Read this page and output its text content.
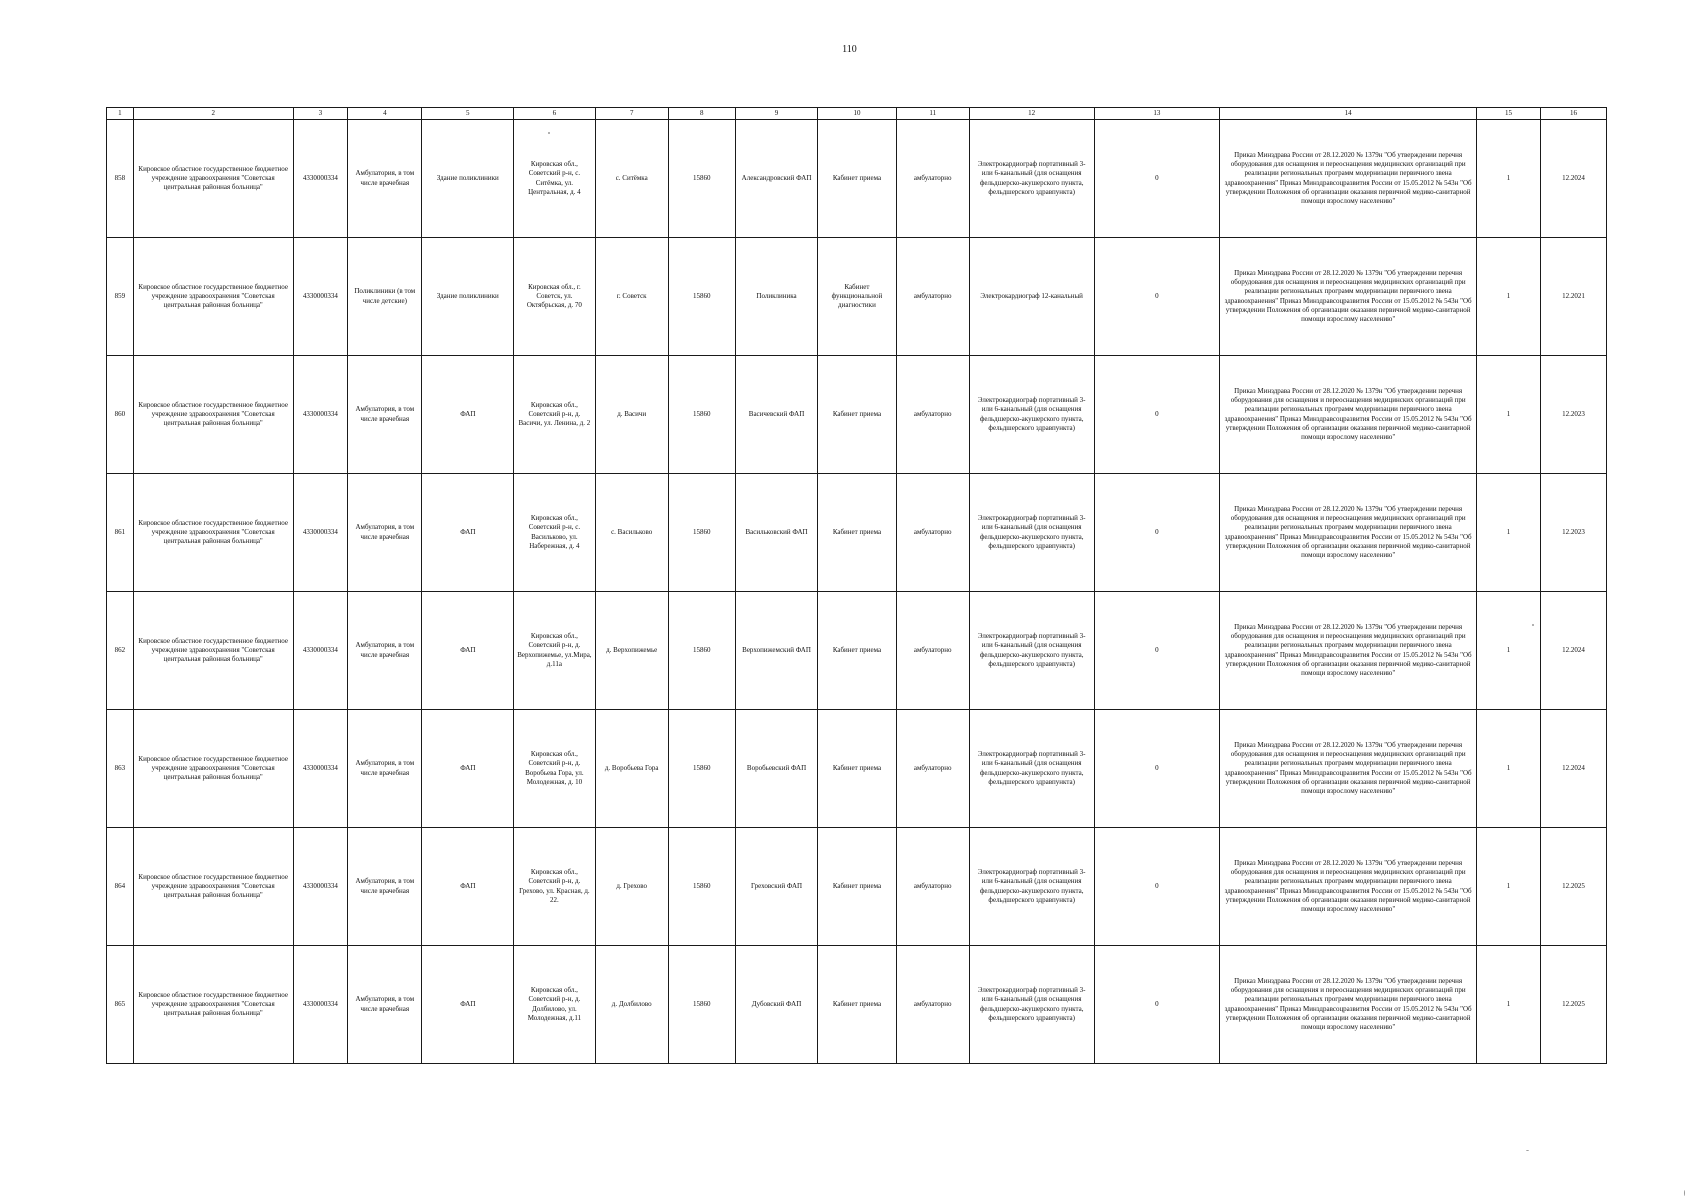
110
1	2	3	4	5	6	7	8	9	10	11	12	13	14	15	16
858	Кировское областное государственное бюджетное учреждение здравоохранения "Советская центральная районная больница"	4330000334	Амбулатория, в том числе врачебная	Здание поликлиники	Кировская обл., Советский р-н, с. Ситёмка, ул. Центральная, д. 4	с. Ситёмка	15860	Александровский ФАП	Кабинет приема	амбулаторно	Электрокардиограф портативный 3- или 6-канальный (для оснащения фельдшерско-акушерского пункта, фельдшерского здравпункта)	0	Приказ Минздрава России от 28.12.2020 № 1379н "Об утверждении перечня оборудования для оснащения и переоснащения медицинских организаций при реализации региональных программ модернизации первичного звена здравоохранения" Приказ Минздравсоцразвития России от 15.05.2012 № 543н "Об утверждении Положения об организации оказания первичной медико-санитарной помощи взрослому населению"	1	12.2024
859	Кировское областное государственное бюджетное учреждение здравоохранения "Советская центральная районная больница"	4330000334	Поликлиники (в том числе детские)	Здание поликлиники	Кировская обл., г. Советск, ул. Октябрьская, д. 70	г. Советск	15860	Поликлиника	Кабинет функциональной диагностики	амбулаторно	Электрокардиограф 12-канальный	0	Приказ Минздрава России от 28.12.2020 № 1379н "Об утверждении перечня оборудования для оснащения и переоснащения медицинских организаций при реализации региональных программ модернизации первичного звена здравоохранения" Приказ Минздравсоцразвития России от 15.05.2012 № 543н "Об утверждении Положения об организации оказания первичной медико-санитарной помощи взрослому населению"	1	12.2021
860	Кировское областное государственное бюджетное учреждение здравоохранения "Советская центральная районная больница"	4330000334	Амбулатория, в том числе врачебная	ФАП	Кировская обл., Советский р-н, д. Васичи, ул. Ленина, д. 2	д. Васичи	15860	Васичевский ФАП	Кабинет приема	амбулаторно	Электрокардиограф портативный 3- или 6-канальный (для оснащения фельдшерско-акушерского пункта, фельдшерского здравпункта)	0	Приказ Минздрава России от 28.12.2020 № 1379н "Об утверждении перечня оборудования для оснащения и переоснащения медицинских организаций при реализации региональных программ модернизации первичного звена здравоохранения" Приказ Минздравсоцразвития России от 15.05.2012 № 543н "Об утверждении Положения об организации оказания первичной медико-санитарной помощи взрослому населению"	1	12.2023
861	Кировское областное государственное бюджетное учреждение здравоохранения "Советская центральная районная больница"	4330000334	Амбулатория, в том числе врачебная	ФАП	Кировская обл., Советский р-н, с. Васильково, ул. Набережная, д. 4	с. Васильково	15860	Васильковский ФАП	Кабинет приема	амбулаторно	Электрокардиограф портативный 3- или 6-канальный (для оснащения фельдшерско-акушерского пункта, фельдшерского здравпункта)	0	Приказ Минздрава России от 28.12.2020 № 1379н "Об утверждении перечня оборудования для оснащения и переоснащения медицинских организаций при реализации региональных программ модернизации первичного звена здравоохранения" Приказ Минздравсоцразвития России от 15.05.2012 № 543н "Об утверждении Положения об организации оказания первичной медико-санитарной помощи взрослому населению"	1	12.2023
862	Кировское областное государственное бюджетное учреждение здравоохранения "Советская центральная районная больница"	4330000334	Амбулатория, в том числе врачебная	ФАП	Кировская обл., Советский р-н, д. Верхопижемье, ул.Мира, д.11а	д. Верхопижемье	15860	Верхопижемский ФАП	Кабинет приема	амбулаторно	Электрокардиограф портативный 3- или 6-канальный (для оснащения фельдшерско-акушерского пункта, фельдшерского здравпункта)	0	Приказ Минздрава России от 28.12.2020 № 1379н "Об утверждении перечня оборудования для оснащения и переоснащения медицинских организаций при реализации региональных программ модернизации первичного звена здравоохранения" Приказ Минздравсоцразвития России от 15.05.2012 № 543н "Об утверждении Положения об организации оказания первичной медико-санитарной помощи взрослому населению"	1	12.2024
863	Кировское областное государственное бюджетное учреждение здравоохранения "Советская центральная районная больница"	4330000334	Амбулатория, в том числе врачебная	ФАП	Кировская обл., Советский р-н, д. Воробьева Гора, ул. Молодежная, д. 10	д. Воробьева Гора	15860	Воробьевский ФАП	Кабинет приема	амбулаторно	Электрокардиограф портативный 3- или 6-канальный (для оснащения фельдшерско-акушерского пункта, фельдшерского здравпункта)	0	Приказ Минздрава России от 28.12.2020 № 1379н "Об утверждении перечня оборудования для оснащения и переоснащения медицинских организаций при реализации региональных программ модернизации первичного звена здравоохранения" Приказ Минздравсоцразвития России от 15.05.2012 № 543н "Об утверждении Положения об организации оказания первичной медико-санитарной помощи взрослому населению"	1	12.2024
864	Кировское областное государственное бюджетное учреждение здравоохранения "Советская центральная районная больница"	4330000334	Амбулатория, в том числе врачебная	ФАП	Кировская обл., Советский р-н, д. Грехово, ул. Красная, д. 22.	д. Грехово	15860	Греховский ФАП	Кабинет приема	амбулаторно	Электрокардиограф портативный 3- или 6-канальный (для оснащения фельдшерско-акушерского пункта, фельдшерского здравпункта)	0	Приказ Минздрава России от 28.12.2020 № 1379н "Об утверждении перечня оборудования для оснащения и переоснащения медицинских организаций при реализации региональных программ модернизации первичного звена здравоохранения" Приказ Минздравсоцразвития России от 15.05.2012 № 543н "Об утверждении Положения об организации оказания первичной медико-санитарной помощи взрослому населению"	1	12.2025
865	Кировское областное государственное бюджетное учреждение здравоохранения "Советская центральная районная больница"	4330000334	Амбулатория, в том числе врачебная	ФАП	Кировская обл., Советский р-н, д. Долбилово, ул. Молодежная, д.11	д. Долбилово	15860	Дубовский ФАП	Кабинет приема	амбулаторно	Электрокардиограф портативный 3- или 6-канальный (для оснащения фельдшерско-акушерского пункта, фельдшерского здравпункта)	0	Приказ Минздрава России от 28.12.2020 № 1379н "Об утверждении перечня оборудования для оснащения и переоснащения медицинских организаций при реализации региональных программ модернизации первичного звена здравоохранения" Приказ Минздравсоцразвития России от 15.05.2012 № 543н "Об утверждении Положения об организации оказания первичной медико-санитарной помощи взрослому населению"	1	12.2025
